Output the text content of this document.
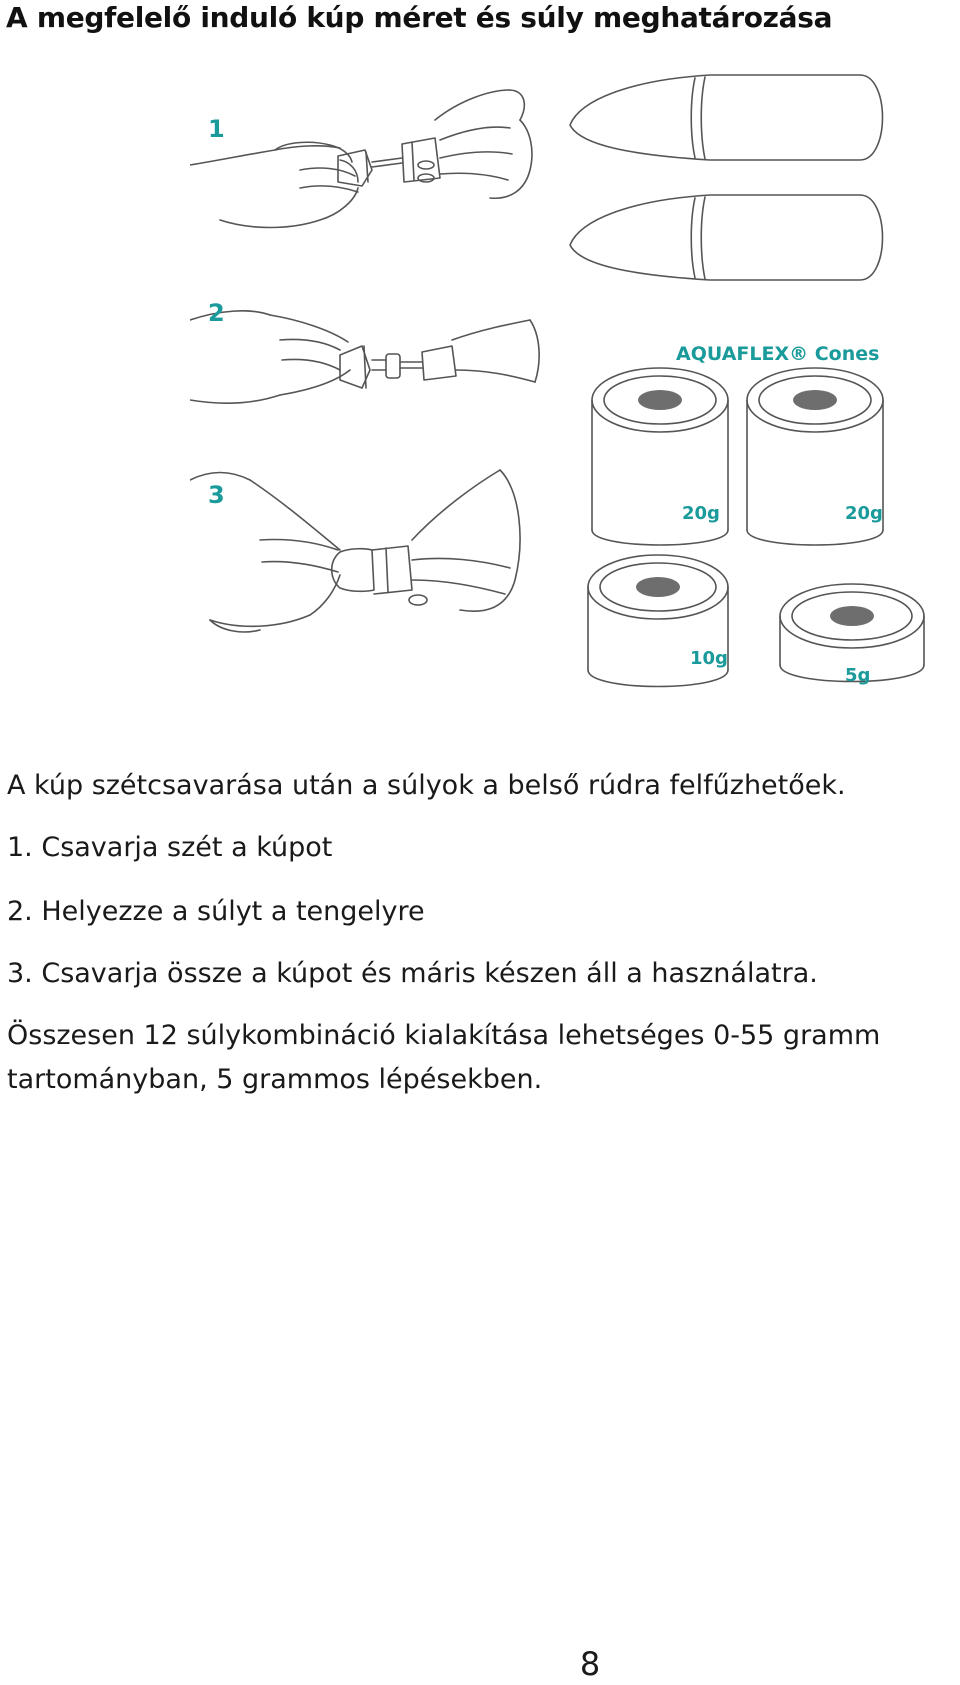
A megfelelő induló kúp méret és súly meghatározása
1
2
3
AQUAFLEX® Cones
20g	20g
10g
5g

A kúp szétcsavarása után a súlyok a belső rúdra felfűzhetőek.

1. Csavarja szét a kúpot

2. Helyezze a súlyt a tengelyre

3. Csavarja össze a kúpot és máris készen áll a használatra.

Összesen 12 súlykombináció kialakítása lehetséges 0-55 gramm

tartományban, 5 grammos lépésekben.

8
